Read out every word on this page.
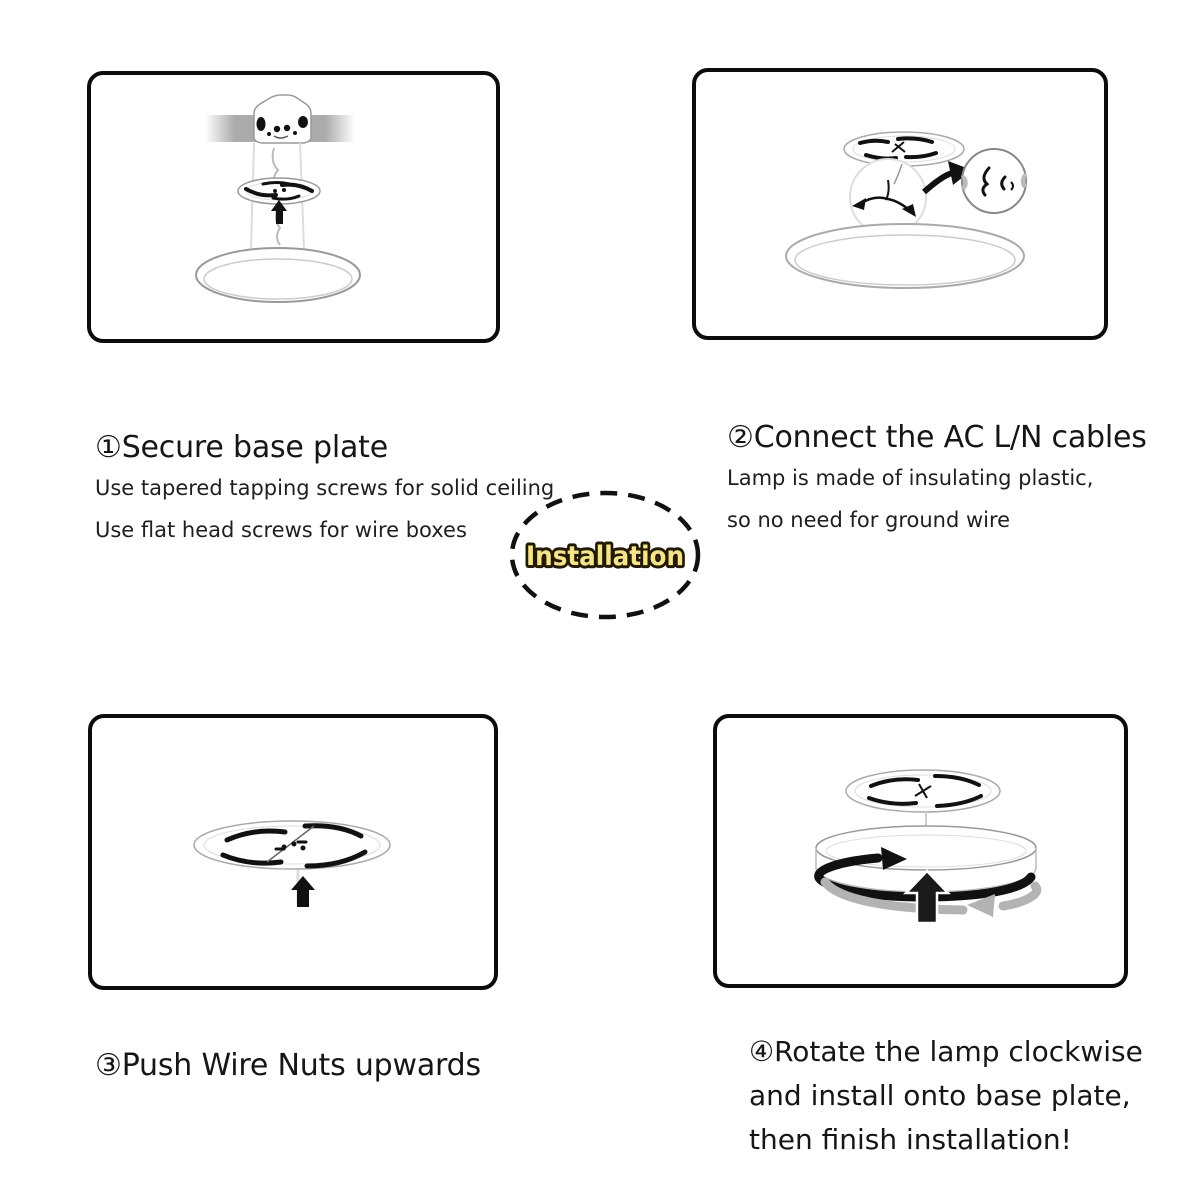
①Secure base plate

Use tapered tapping screws for solid ceiling

Use flat head screws for wire boxes

②Connect the AC L/N cables

Lamp is made of insulating plastic,

so no need for ground wire

③Push Wire Nuts upwards	④Rotate the lamp clockwise

and install onto base plate,

then finish installation!

Installation
